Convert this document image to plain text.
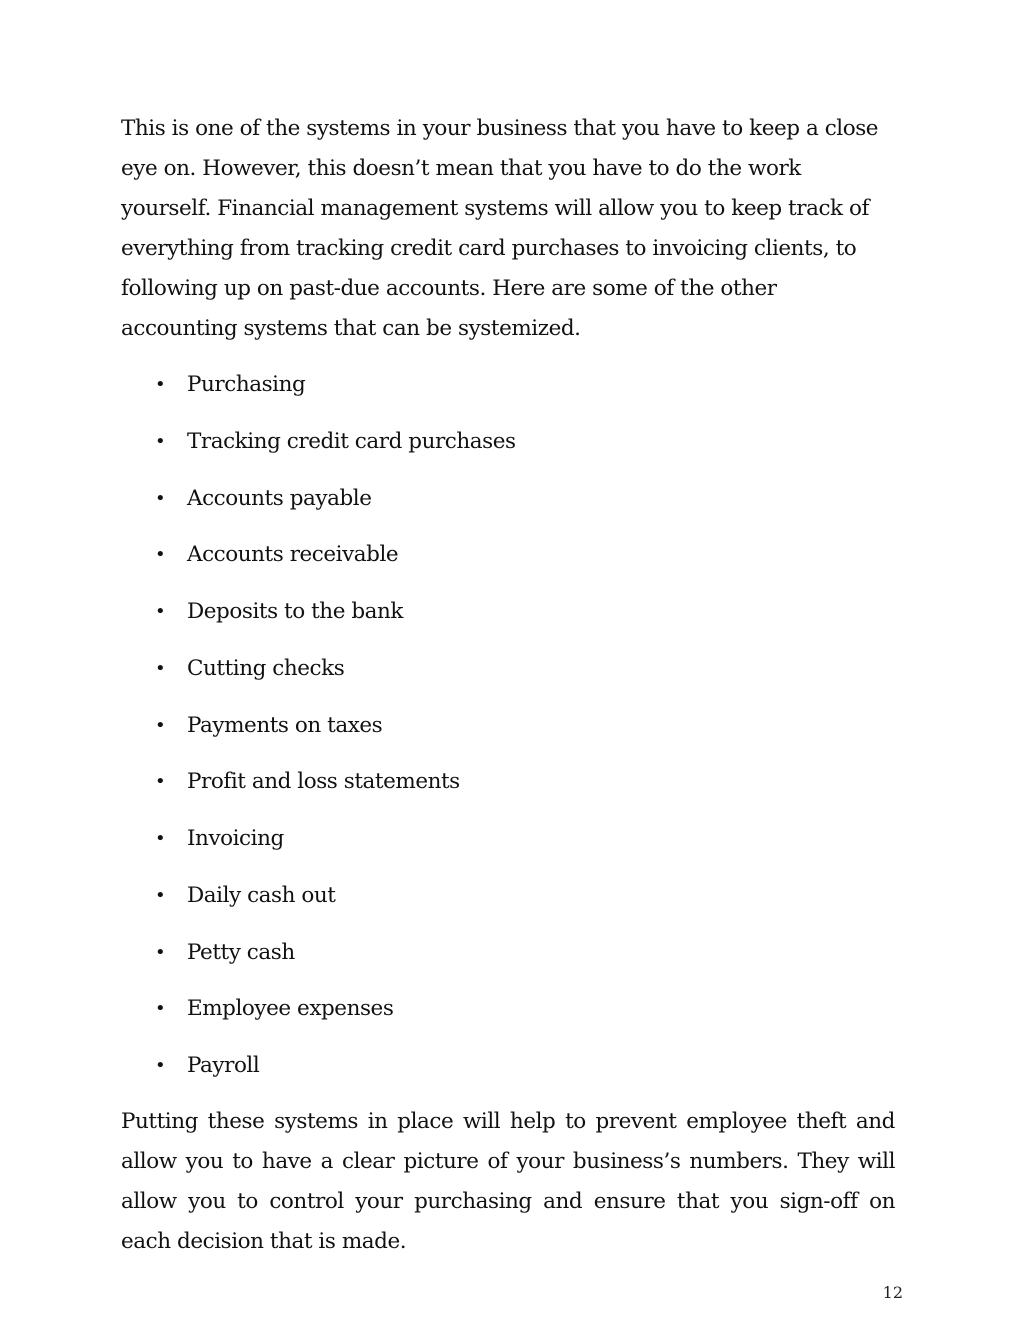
This is one of the systems in your business that you have to keep a close eye on. However, this doesn’t mean that you have to do the work yourself. Financial management systems will allow you to keep track of everything from tracking credit card purchases to invoicing clients, to following up on past-due accounts. Here are some of the other accounting systems that can be systemized.

• Purchasing
• Tracking credit card purchases
• Accounts payable
• Accounts receivable
• Deposits to the bank
• Cutting checks
• Payments on taxes
• Profit and loss statements
• Invoicing
• Daily cash out
• Petty cash
• Employee expenses
• Payroll

Putting these systems in place will help to prevent employee theft and allow you to have a clear picture of your business’s numbers. They will allow you to control your purchasing and ensure that you sign-off on each decision that is made.

12
